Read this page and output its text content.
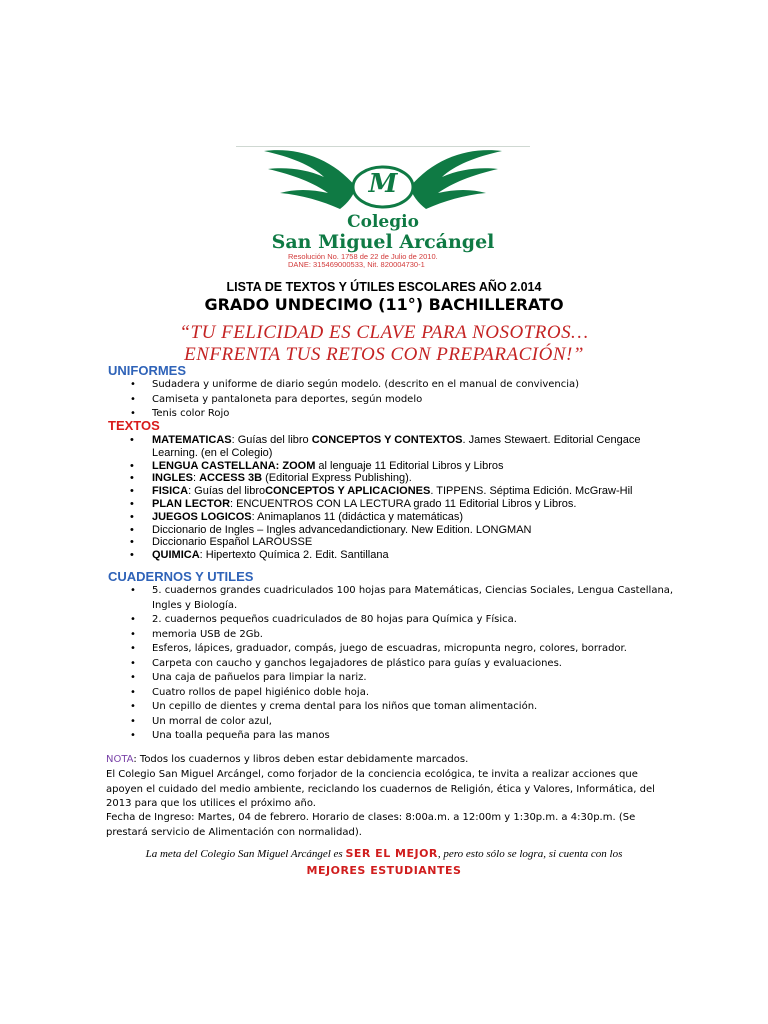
M
Colegio
San Miguel Arcángel
Resolución No. 1758 de 22 de Julio de 2010.
DANE: 315469000533, Nit. 820004730-1
LISTA DE TEXTOS Y ÚTILES ESCOLARES AÑO 2.014
GRADO UNDECIMO (11°) BACHILLERATO
“TU FELICIDAD ES CLAVE PARA NOSOTROS…
ENFRENTA TUS RETOS CON PREPARACIÓN!”
UNIFORMES
• Sudadera y uniforme de diario según modelo. (descrito en el manual de convivencia)
• Camiseta y pantaloneta para deportes, según modelo
• Tenis color Rojo
TEXTOS
• MATEMATICAS: Guías del libro CONCEPTOS Y CONTEXTOS. James Stewaert. Editorial Cengace Learning. (en el Colegio)
• LENGUA CASTELLANA: ZOOM al lenguaje 11 Editorial Libros y Libros
• INGLES: ACCESS 3B (Editorial Express Publishing).
• FISICA: Guías del libroCONCEPTOS Y APLICACIONES. TIPPENS. Séptima Edición. McGraw-Hil
• PLAN LECTOR: ENCUENTROS CON LA LECTURA grado 11 Editorial Libros y Libros.
• JUEGOS LOGICOS: Animaplanos 11 (didáctica y matemáticas)
• Diccionario de Ingles – Ingles advancedandictionary. New Edition. LONGMAN
• Diccionario Español LAROUSSE
• QUIMICA: Hipertexto Química 2. Edit. Santillana
CUADERNOS Y UTILES
• 5. cuadernos grandes cuadriculados 100 hojas para Matemáticas, Ciencias Sociales, Lengua Castellana, Ingles y Biología.
• 2. cuadernos pequeños cuadriculados de 80 hojas para Química y Física.
• memoria USB de 2Gb.
• Esferos, lápices, graduador, compás, juego de escuadras, micropunta negro, colores, borrador.
• Carpeta con caucho y ganchos legajadores de plástico para guías y evaluaciones.
• Una caja de pañuelos para limpiar la nariz.
• Cuatro rollos de papel higiénico doble hoja.
• Un cepillo de dientes y crema dental para los niños que toman alimentación.
• Un morral de color azul,
• Una toalla pequeña para las manos
NOTA: Todos los cuadernos y libros deben estar debidamente marcados.
El Colegio San Miguel Arcángel, como forjador de la conciencia ecológica, te invita a realizar acciones que apoyen el cuidado del medio ambiente, reciclando los cuadernos de Religión, ética y Valores, Informática, del 2013 para que los utilices el próximo año.
Fecha de Ingreso: Martes, 04 de febrero. Horario de clases: 8:00a.m. a 12:00m y 1:30p.m. a 4:30p.m. (Se prestará servicio de Alimentación con normalidad).
La meta del Colegio San Miguel Arcángel es SER EL MEJOR, pero esto sólo se logra, si cuenta con los
MEJORES ESTUDIANTES
